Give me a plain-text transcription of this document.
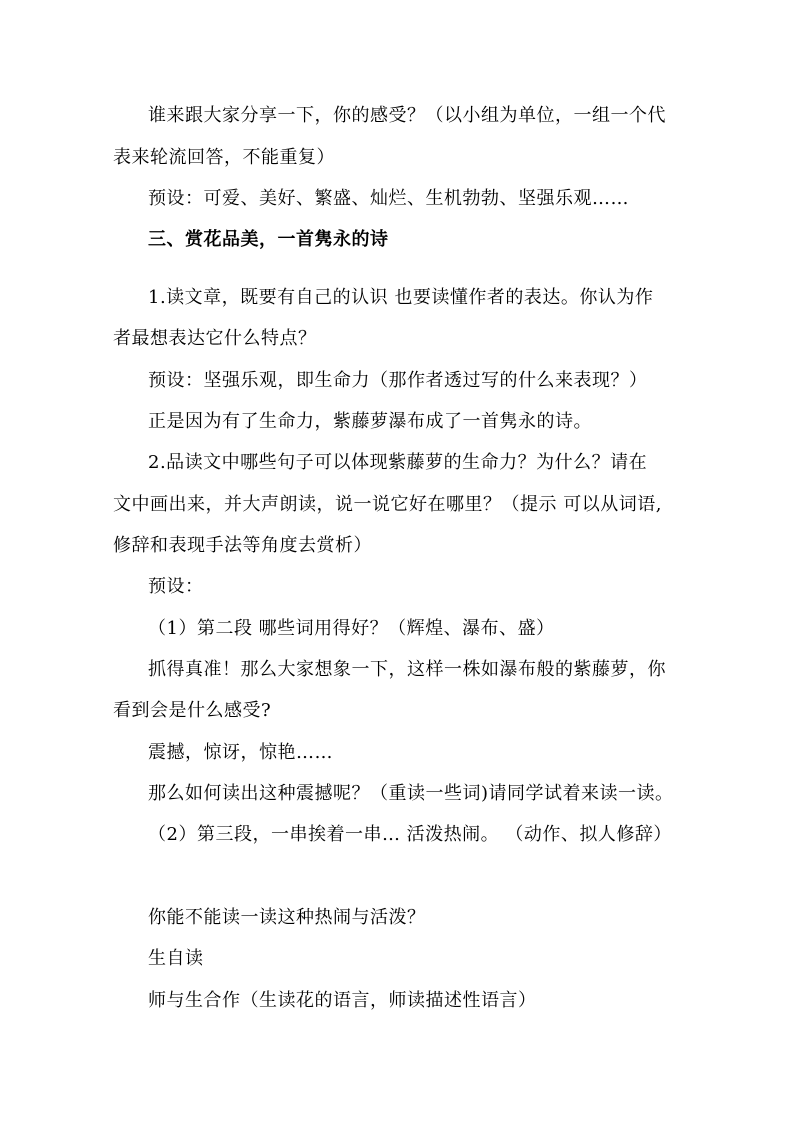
谁来跟大家分享一下，你的感受？（以小组为单位，一组一个代
表来轮流回答，不能重复）
预设：可爱、美好、繁盛、灿烂、生机勃勃、坚强乐观……
三、赏花品美，一首隽永的诗
1.读文章，既要有自己的认识 也要读懂作者的表达。你认为作
者最想表达它什么特点？
预设：坚强乐观，即生命力（那作者透过写的什么来表现？）
正是因为有了生命力，紫藤萝瀑布成了一首隽永的诗。
2.品读文中哪些句子可以体现紫藤萝的生命力？为什么？请在
文中画出来，并大声朗读，说一说它好在哪里？（提示 可以从词语,
修辞和表现手法等角度去赏析）
预设：
（1）第二段 哪些词用得好？（辉煌、瀑布、盛）
抓得真准！那么大家想象一下，这样一株如瀑布般的紫藤萝，你
看到会是什么感受?
震撼，惊讶，惊艳……
那么如何读出这种震撼呢？（重读一些词)请同学试着来读一读。
（2）第三段，一串挨着一串… 活泼热闹。 （动作、拟人修辞）
你能不能读一读这种热闹与活泼？
生自读
师与生合作（生读花的语言，师读描述性语言）
